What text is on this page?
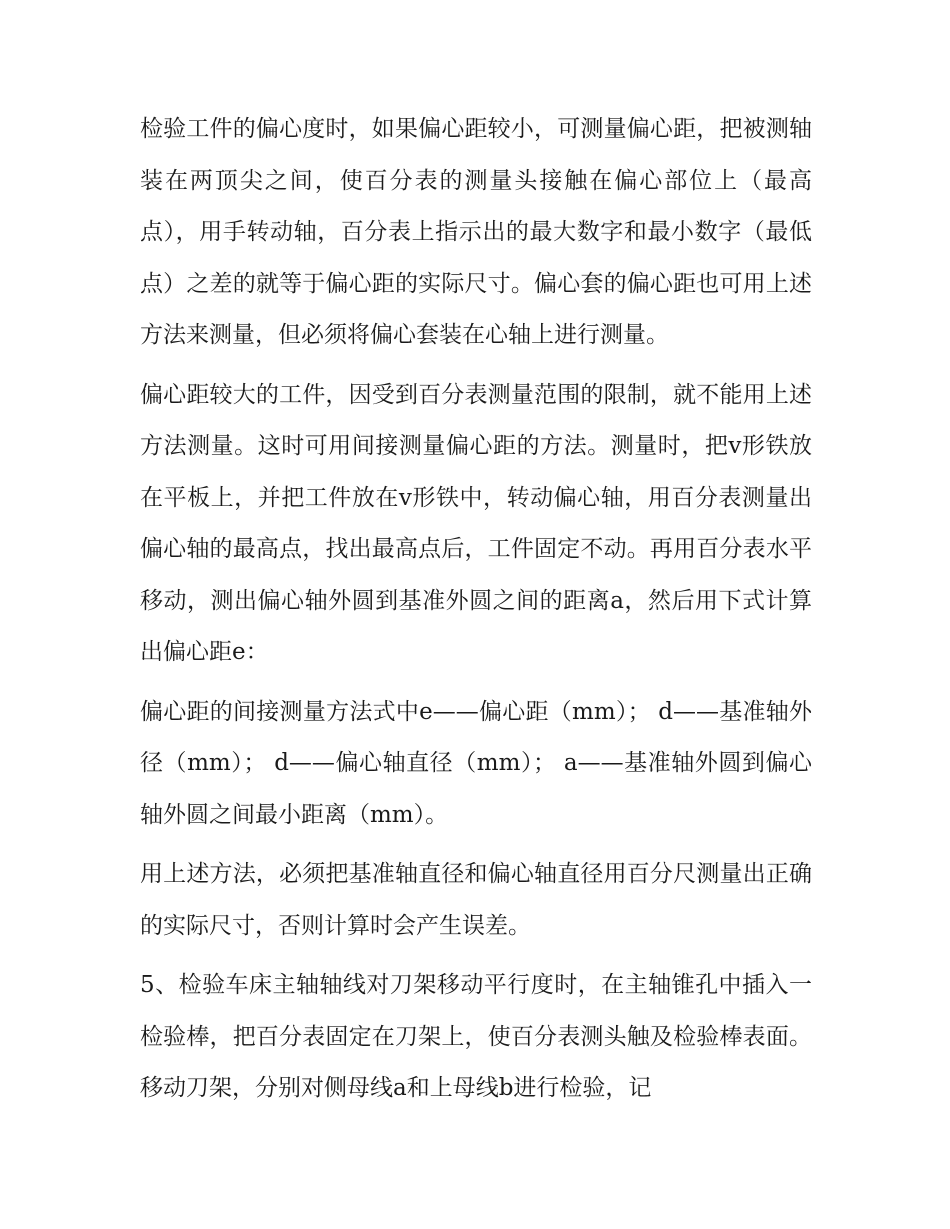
检验工件的偏心度时，如果偏心距较小，可测量偏心距，把被测轴装在两顶尖之间，使百分表的测量头接触在偏心部位上（最高点），用手转动轴，百分表上指示出的最大数字和最小数字（最低点）之差的就等于偏心距的实际尺寸。偏心套的偏心距也可用上述方法来测量，但必须将偏心套装在心轴上进行测量。

偏心距较大的工件，因受到百分表测量范围的限制，就不能用上述方法测量。这时可用间接测量偏心距的方法。测量时，把v形铁放在平板上，并把工件放在v形铁中，转动偏心轴，用百分表测量出偏心轴的最高点，找出最高点后，工件固定不动。再用百分表水平移动，测出偏心轴外圆到基准外圆之间的距离a，然后用下式计算出偏心距e：

偏心距的间接测量方法式中e——偏心距（mm）； d——基准轴外径（mm）； d——偏心轴直径（mm）； a——基准轴外圆到偏心轴外圆之间最小距离（mm）。

用上述方法，必须把基准轴直径和偏心轴直径用百分尺测量出正确的实际尺寸，否则计算时会产生误差。

5、检验车床主轴轴线对刀架移动平行度时，在主轴锥孔中插入一检验棒，把百分表固定在刀架上，使百分表测头触及检验棒表面。移动刀架，分别对侧母线a和上母线b进行检验，记
